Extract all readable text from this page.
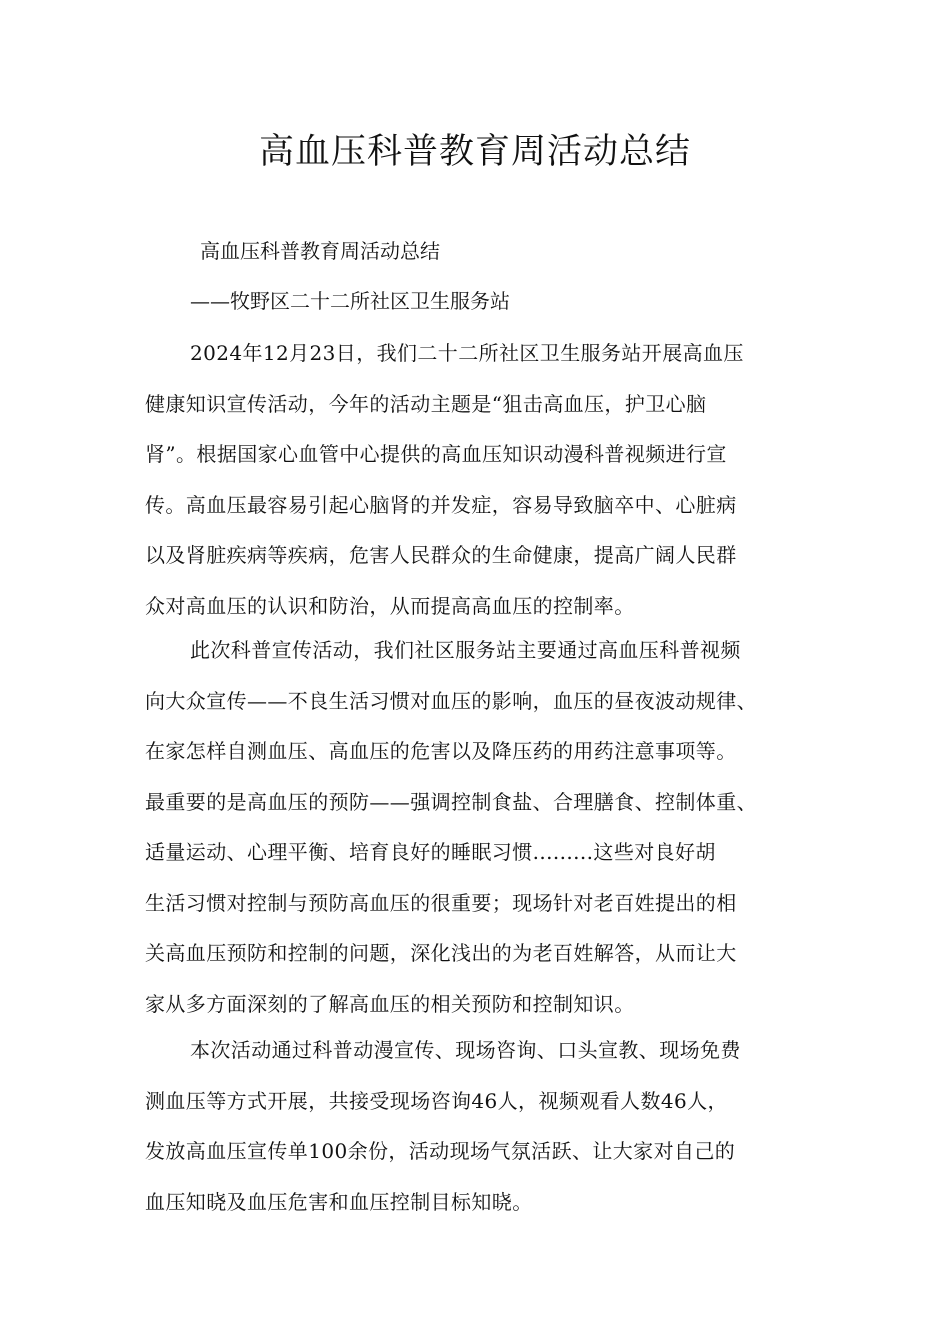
高血压科普教育周活动总结
高血压科普教育周活动总结
——牧野区二十二所社区卫生服务站
2024年12月23日，我们二十二所社区卫生服务站开展高血压
健康知识宣传活动，今年的活动主题是“狙击高血压，护卫心脑
肾”。根据国家心血管中心提供的高血压知识动漫科普视频进行宣
传。高血压最容易引起心脑肾的并发症，容易导致脑卒中、心脏病
以及肾脏疾病等疾病，危害人民群众的生命健康，提高广阔人民群
众对高血压的认识和防治，从而提高高血压的控制率。
此次科普宣传活动，我们社区服务站主要通过高血压科普视频
向大众宣传——不良生活习惯对血压的影响，血压的昼夜波动规律、
在家怎样自测血压、高血压的危害以及降压药的用药注意事项等。
最重要的是高血压的预防——强调控制食盐、合理膳食、控制体重、
适量运动、心理平衡、培育良好的睡眠习惯.........这些对良好胡
生活习惯对控制与预防高血压的很重要；现场针对老百姓提出的相
关高血压预防和控制的问题，深化浅出的为老百姓解答，从而让大
家从多方面深刻的了解高血压的相关预防和控制知识。
本次活动通过科普动漫宣传、现场咨询、口头宣教、现场免费
测血压等方式开展，共接受现场咨询46人，视频观看人数46人，
发放高血压宣传单100余份，活动现场气氛活跃、让大家对自己的
血压知晓及血压危害和血压控制目标知晓。
